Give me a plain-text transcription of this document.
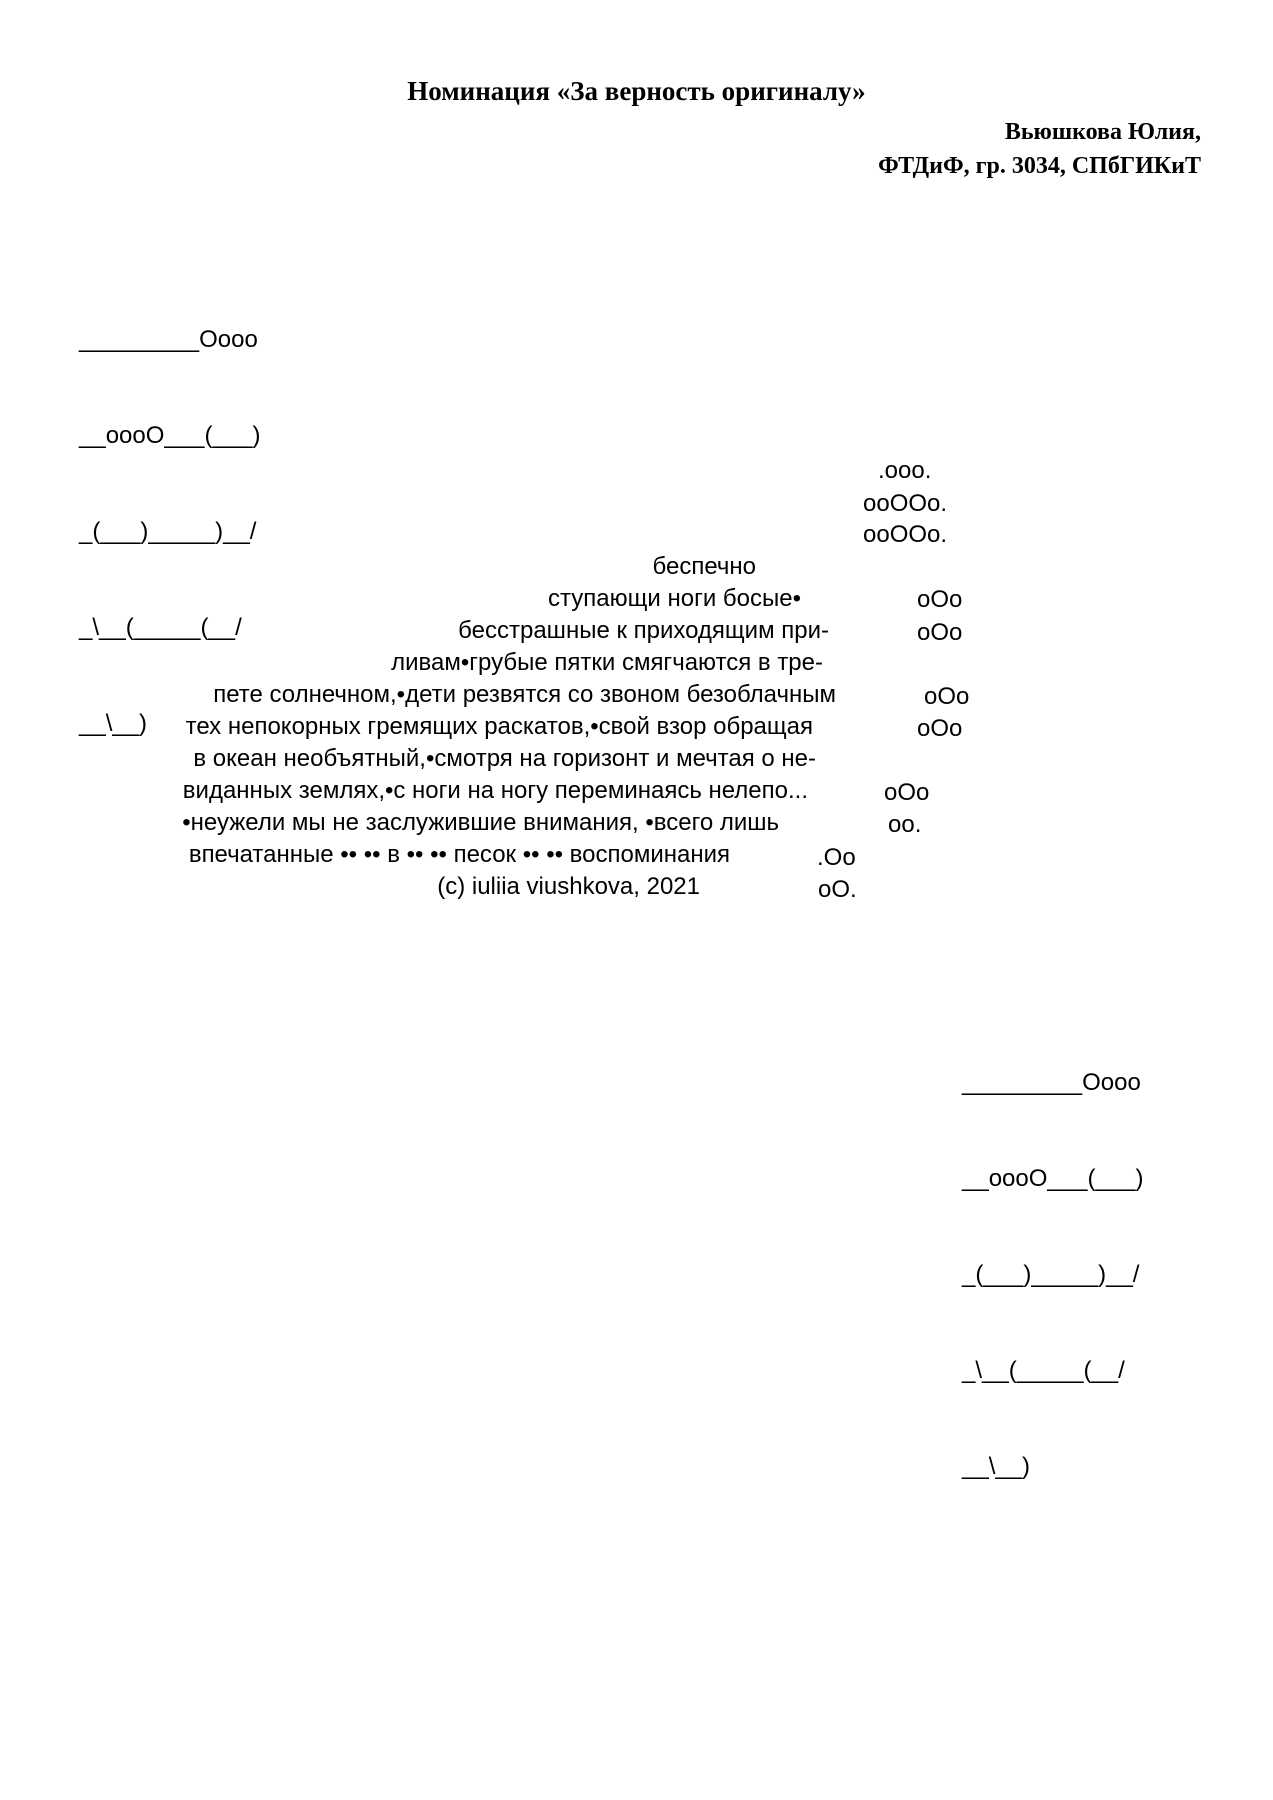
Номинация «За верность оригиналу»
Вьюшкова Юлия,
ФТДиФ, гр. 3034, СПбГИКиТ

_________Oooo

__oooO___(___)

_(___)_____)__/

_\__(_____(__/

__\__)

.ooo.
ooOOo.
ooOOo.
oOo
oOo
oOo
oOo
oOo
oo.
.Oo
oO.
беспечно
ступающи ноги босые•
бесстрашные к приходящим при-
ливам•грубые пятки смягчаются в тре-
пете солнечном,•дети резвятся со звоном безоблачным
тех непокорных гремящих раскатов,•свой взор обращая
в океан необъятный,•смотря на горизонт и мечтая о не-
виданных землях,•с ноги на ногу переминаясь нелепо...
•неужели мы не заслужившие внимания, •всего лишь
впечатанные •• •• в •• •• песок •• •• воспоминания
(c) iuliia viushkova, 2021

_________Oooo

__oooO___(___)

_(___)_____)__/

_\__(_____(__/

__\__)
